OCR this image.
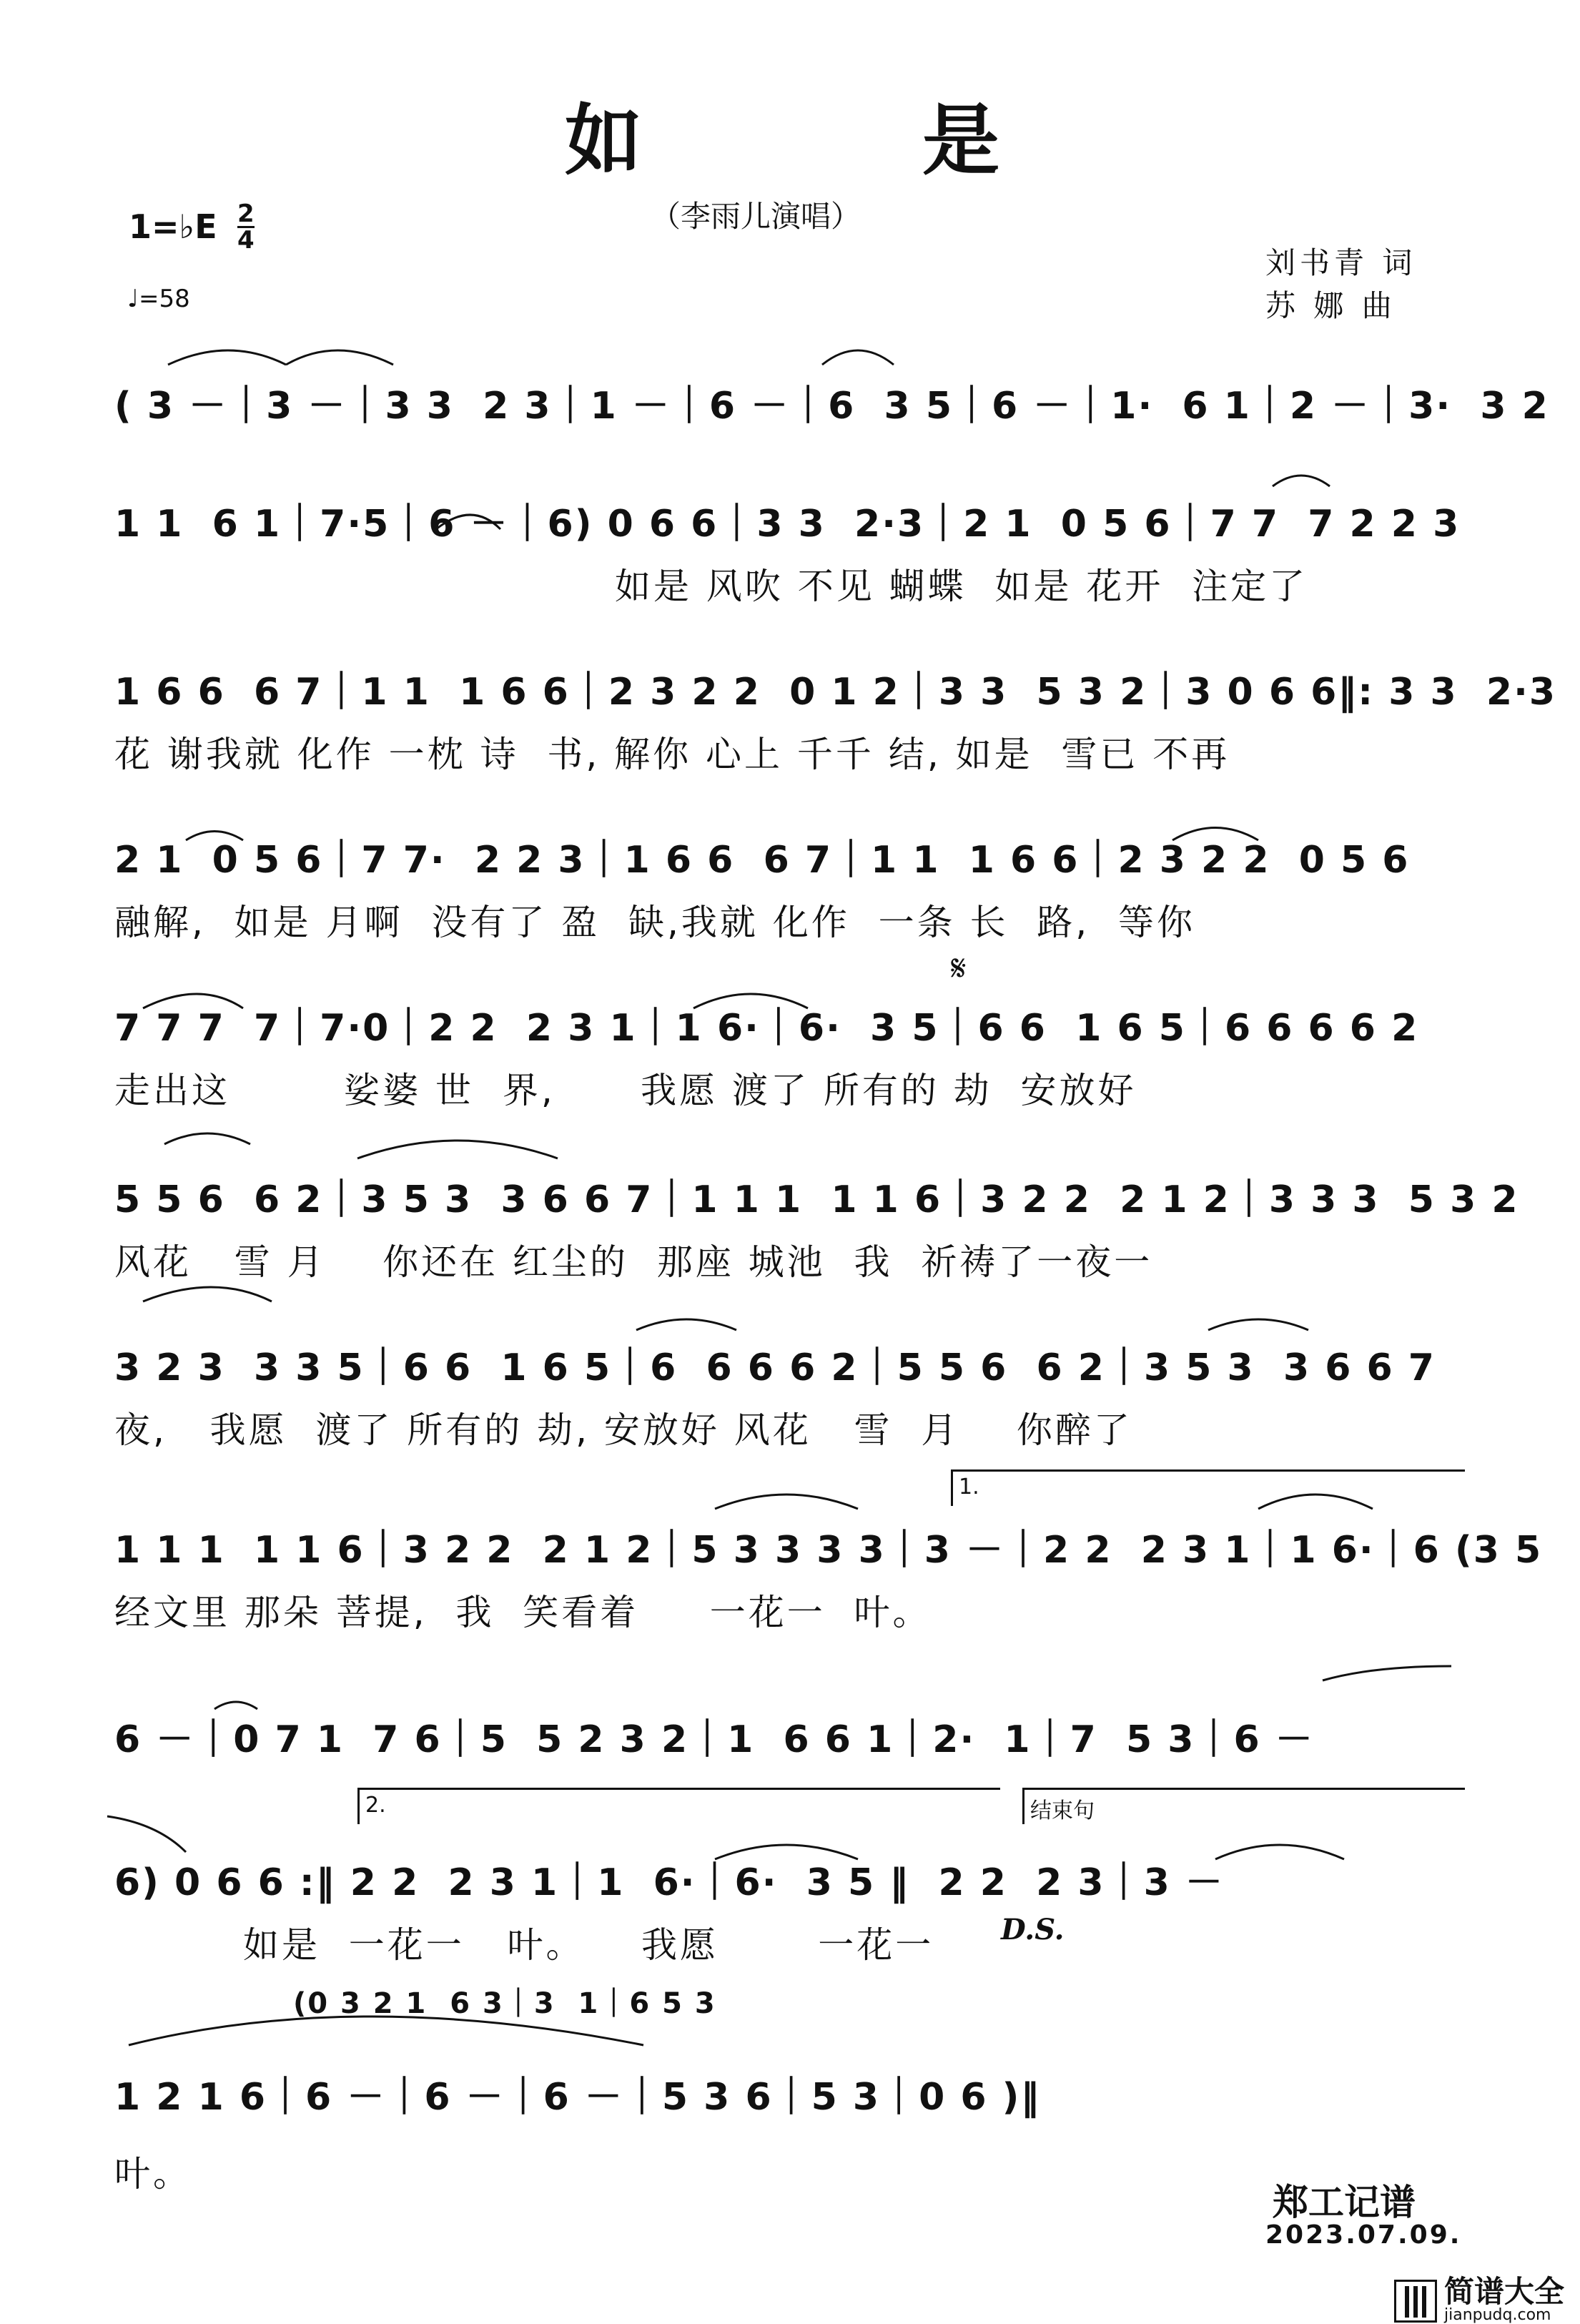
如	是
（李雨儿演唱）
1=♭E 2
4
♩=58
刘书青 词
苏 娜 曲
( 3 －｜3 －｜3 3  2 3｜1 －｜6 －｜6  3 5｜6 －｜1·  6 1｜2 －｜3·  3 2
1 1  6 1｜7·5｜6 －｜6) 0 6 6｜3 3  2·3｜2 1  0 5 6｜7 7  7 2 2 3
如是 风吹 不见 蝴蝶  如是 花开  注定了
1 6 6  6 7｜1 1  1 6 6｜2 3 2 2  0 1 2｜3 3  5 3 2｜3 0 6 6‖: 3 3  2·3
花 谢我就 化作 一枕 诗  书, 解你 心上 千千 结, 如是  雪已 不再
2 1  0 5 6｜7 7·  2 2 3｜1 6 6  6 7｜1 1  1 6 6｜2 3 2 2  0 5 6
融解,  如是 月啊  没有了 盈  缺,我就 化作  一条 长  路,  等你
7 7 7  7｜7·0｜2 2  2 3 1｜1 6·｜6·  3 5｜6 6  1 6 5｜6 6 6 6 2
走出这        娑婆 世  界,      我愿 渡了 所有的 劫  安放好
𝄋
5 5 6  6 2｜3 5 3  3 6 6 7｜1 1 1  1 1 6｜3 2 2  2 1 2｜3 3 3  5 3 2
风花   雪 月    你还在 红尘的  那座 城池  我  祈祷了一夜一
3 2 3  3 3 5｜6 6  1 6 5｜6  6 6 6 2｜5 5 6  6 2｜3 5 3  3 6 6 7
夜,   我愿  渡了 所有的 劫, 安放好 风花   雪  月    你醉了
1.
1 1 1  1 1 6｜3 2 2  2 1 2｜5 3 3 3 3｜3 －｜2 2  2 3 1｜1 6·｜6 (3 5
经文里 那朵 菩提,  我  笑看着     一花一  叶。
6 －｜0 7 1  7 6｜5  5 2 3 2｜1  6 6 1｜2·  1｜7  5 3｜6 －
2.	结束句
6) 0 6 6 :‖ 2 2  2 3 1｜1  6·｜6·  3 5 ‖  2 2  2 3｜3 －
如是  一花一   叶。    我愿       一花一 D.S.
(0 3 2 1  6 3｜3  1｜6 5 3
1 2 1 6｜6 －｜6 －｜6 －｜5 3 6｜5 3｜0 6 )‖
叶。
郑工记谱
2023.07.09.
简谱大全
jianpudq.com
